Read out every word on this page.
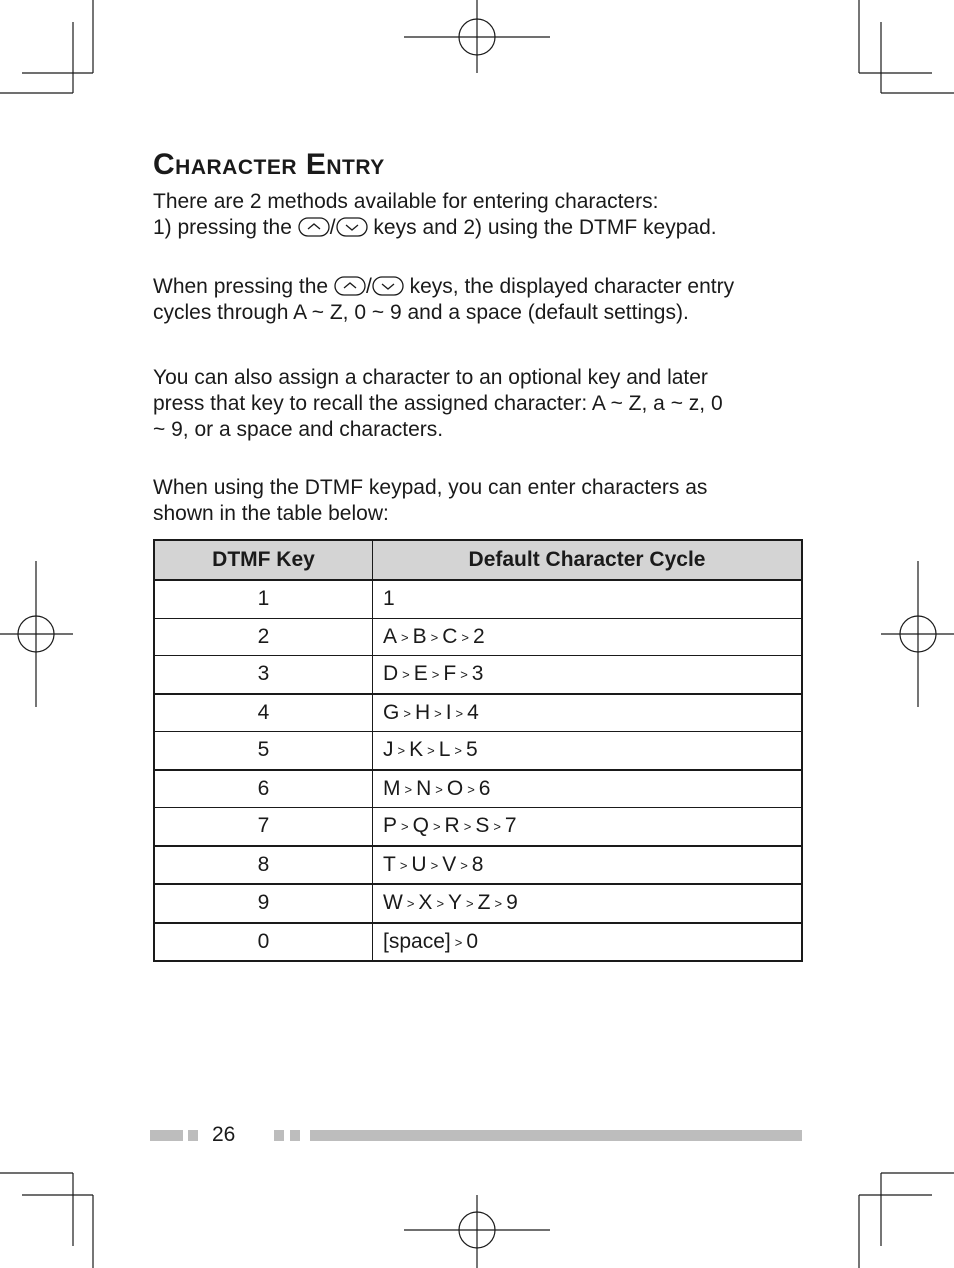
Character Entry

There are 2 methods available for entering characters:

1) pressing the
/
keys and 2) using the DTMF keypad.

When pressing the
/
keys, the displayed character entry

cycles through A ~ Z, 0 ~ 9 and a space (default settings).

You can also assign a character to an optional key and later

press that key to recall the assigned character: A ~ Z, a ~ z, 0

~ 9, or a space and characters.

When using the DTMF keypad, you can enter characters as

shown in the table below:

DTMF Key	Default Character Cycle
1	1
2	A > B > C > 2
3	D > E > F > 3
4	G > H > I > 4
5	J > K > L > 5
6	M > N > O > 6
7	P > Q > R > S > 7
8	T > U > V > 8
9	W > X > Y > Z > 9
0	[space] > 0
26
